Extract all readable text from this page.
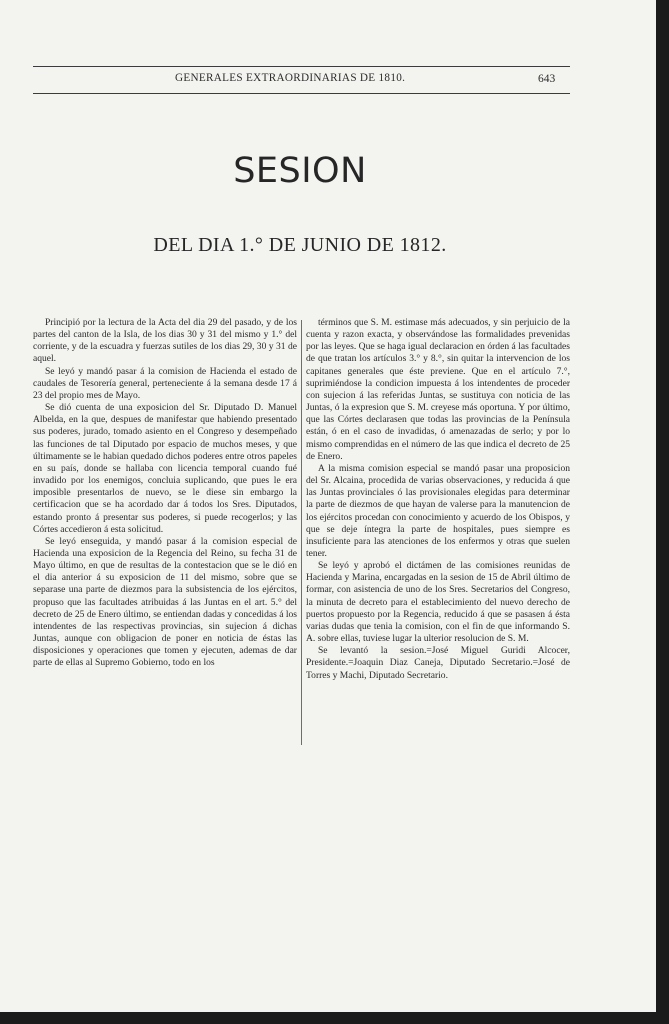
GENERALES EXTRAORDINARIAS DE 1810.	643
SESION
DEL DIA 1.° DE JUNIO DE 1812.

Principió por la lectura de la Acta del dia 29 del pasado, y de los partes del canton de la Isla, de los dias 30 y 31 del mismo y 1.° del corriente, y de la escuadra y fuerzas sutiles de los dias 29, 30 y 31 de aquel.

Se leyó y mandó pasar á la comision de Hacienda el estado de caudales de Tesorería general, perteneciente á la semana desde 17 á 23 del propio mes de Mayo.

Se dió cuenta de una exposicion del Sr. Diputado D. Manuel Albelda, en la que, despues de manifestar que habiendo presentado sus poderes, jurado, tomado asiento en el Congreso y desempeñado las funciones de tal Diputado por espacio de muchos meses, y que últimamente se le habian quedado dichos poderes entre otros papeles en su país, donde se hallaba con licencia temporal cuando fué invadido por los enemigos, concluia suplicando, que pues le era imposible presentarlos de nuevo, se le diese sin embargo la certificacion que se ha acordado dar á todos los Sres. Diputados, estando pronto á presentar sus poderes, si puede recogerlos; y las Córtes accedieron á esta solicitud.

Se leyó enseguida, y mandó pasar á la comision especial de Hacienda una exposicion de la Regencia del Reino, su fecha 31 de Mayo último, en que de resultas de la contestacion que se le dió en el dia anterior á su exposicion de 11 del mismo, sobre que se separase una parte de diezmos para la subsistencia de los ejércitos, propuso que las facultades atribuidas á las Juntas en el art. 5.° del decreto de 25 de Enero último, se entiendan dadas y concedidas á los intendentes de las respectivas provincias, sin sujecion á dichas Juntas, aunque con obligacion de poner en noticia de éstas las disposiciones y operaciones que tomen y ejecuten, ademas de dar parte de ellas al Supremo Gobierno, todo en los

términos que S. M. estimase más adecuados, y sin perjuicio de la cuenta y razon exacta, y observándose las formalidades prevenidas por las leyes. Que se haga igual declaracion en órden á las facultades de que tratan los artículos 3.° y 8.°, sin quitar la intervencion de los capitanes generales que éste previene. Que en el artículo 7.°, suprimiéndose la condicion impuesta á los intendentes de proceder con sujecion á las referidas Juntas, se sustituya con noticia de las Juntas, ó la expresion que S. M. creyese más oportuna. Y por último, que las Córtes declarasen que todas las provincias de la Península están, ó en el caso de invadidas, ó amenazadas de serlo; y por lo mismo comprendidas en el número de las que indica el decreto de 25 de Enero.

A la misma comision especial se mandó pasar una proposicion del Sr. Alcaina, procedida de varias observaciones, y reducida á que las Juntas provinciales ó las provisionales elegidas para determinar la parte de diezmos de que hayan de valerse para la manutencion de los ejércitos procedan con conocimiento y acuerdo de los Obispos, y que se deje íntegra la parte de hospitales, pues siempre es insuficiente para las atenciones de los enfermos y otras que suelen tener.

Se leyó y aprobó el dictámen de las comisiones reunidas de Hacienda y Marina, encargadas en la sesion de 15 de Abril último de formar, con asistencia de uno de los Sres. Secretarios del Congreso, la minuta de decreto para el establecimiento del nuevo derecho de puertos propuesto por la Regencia, reducido á que se pasasen á ésta varias dudas que tenia la comision, con el fin de que informando S. A. sobre ellas, tuviese lugar la ulterior resolucion de S. M.

Se levantó la sesion.=José Miguel Guridi Alcocer, Presidente.=Joaquin Diaz Caneja, Diputado Secretario.=José de Torres y Machi, Diputado Secretario.
